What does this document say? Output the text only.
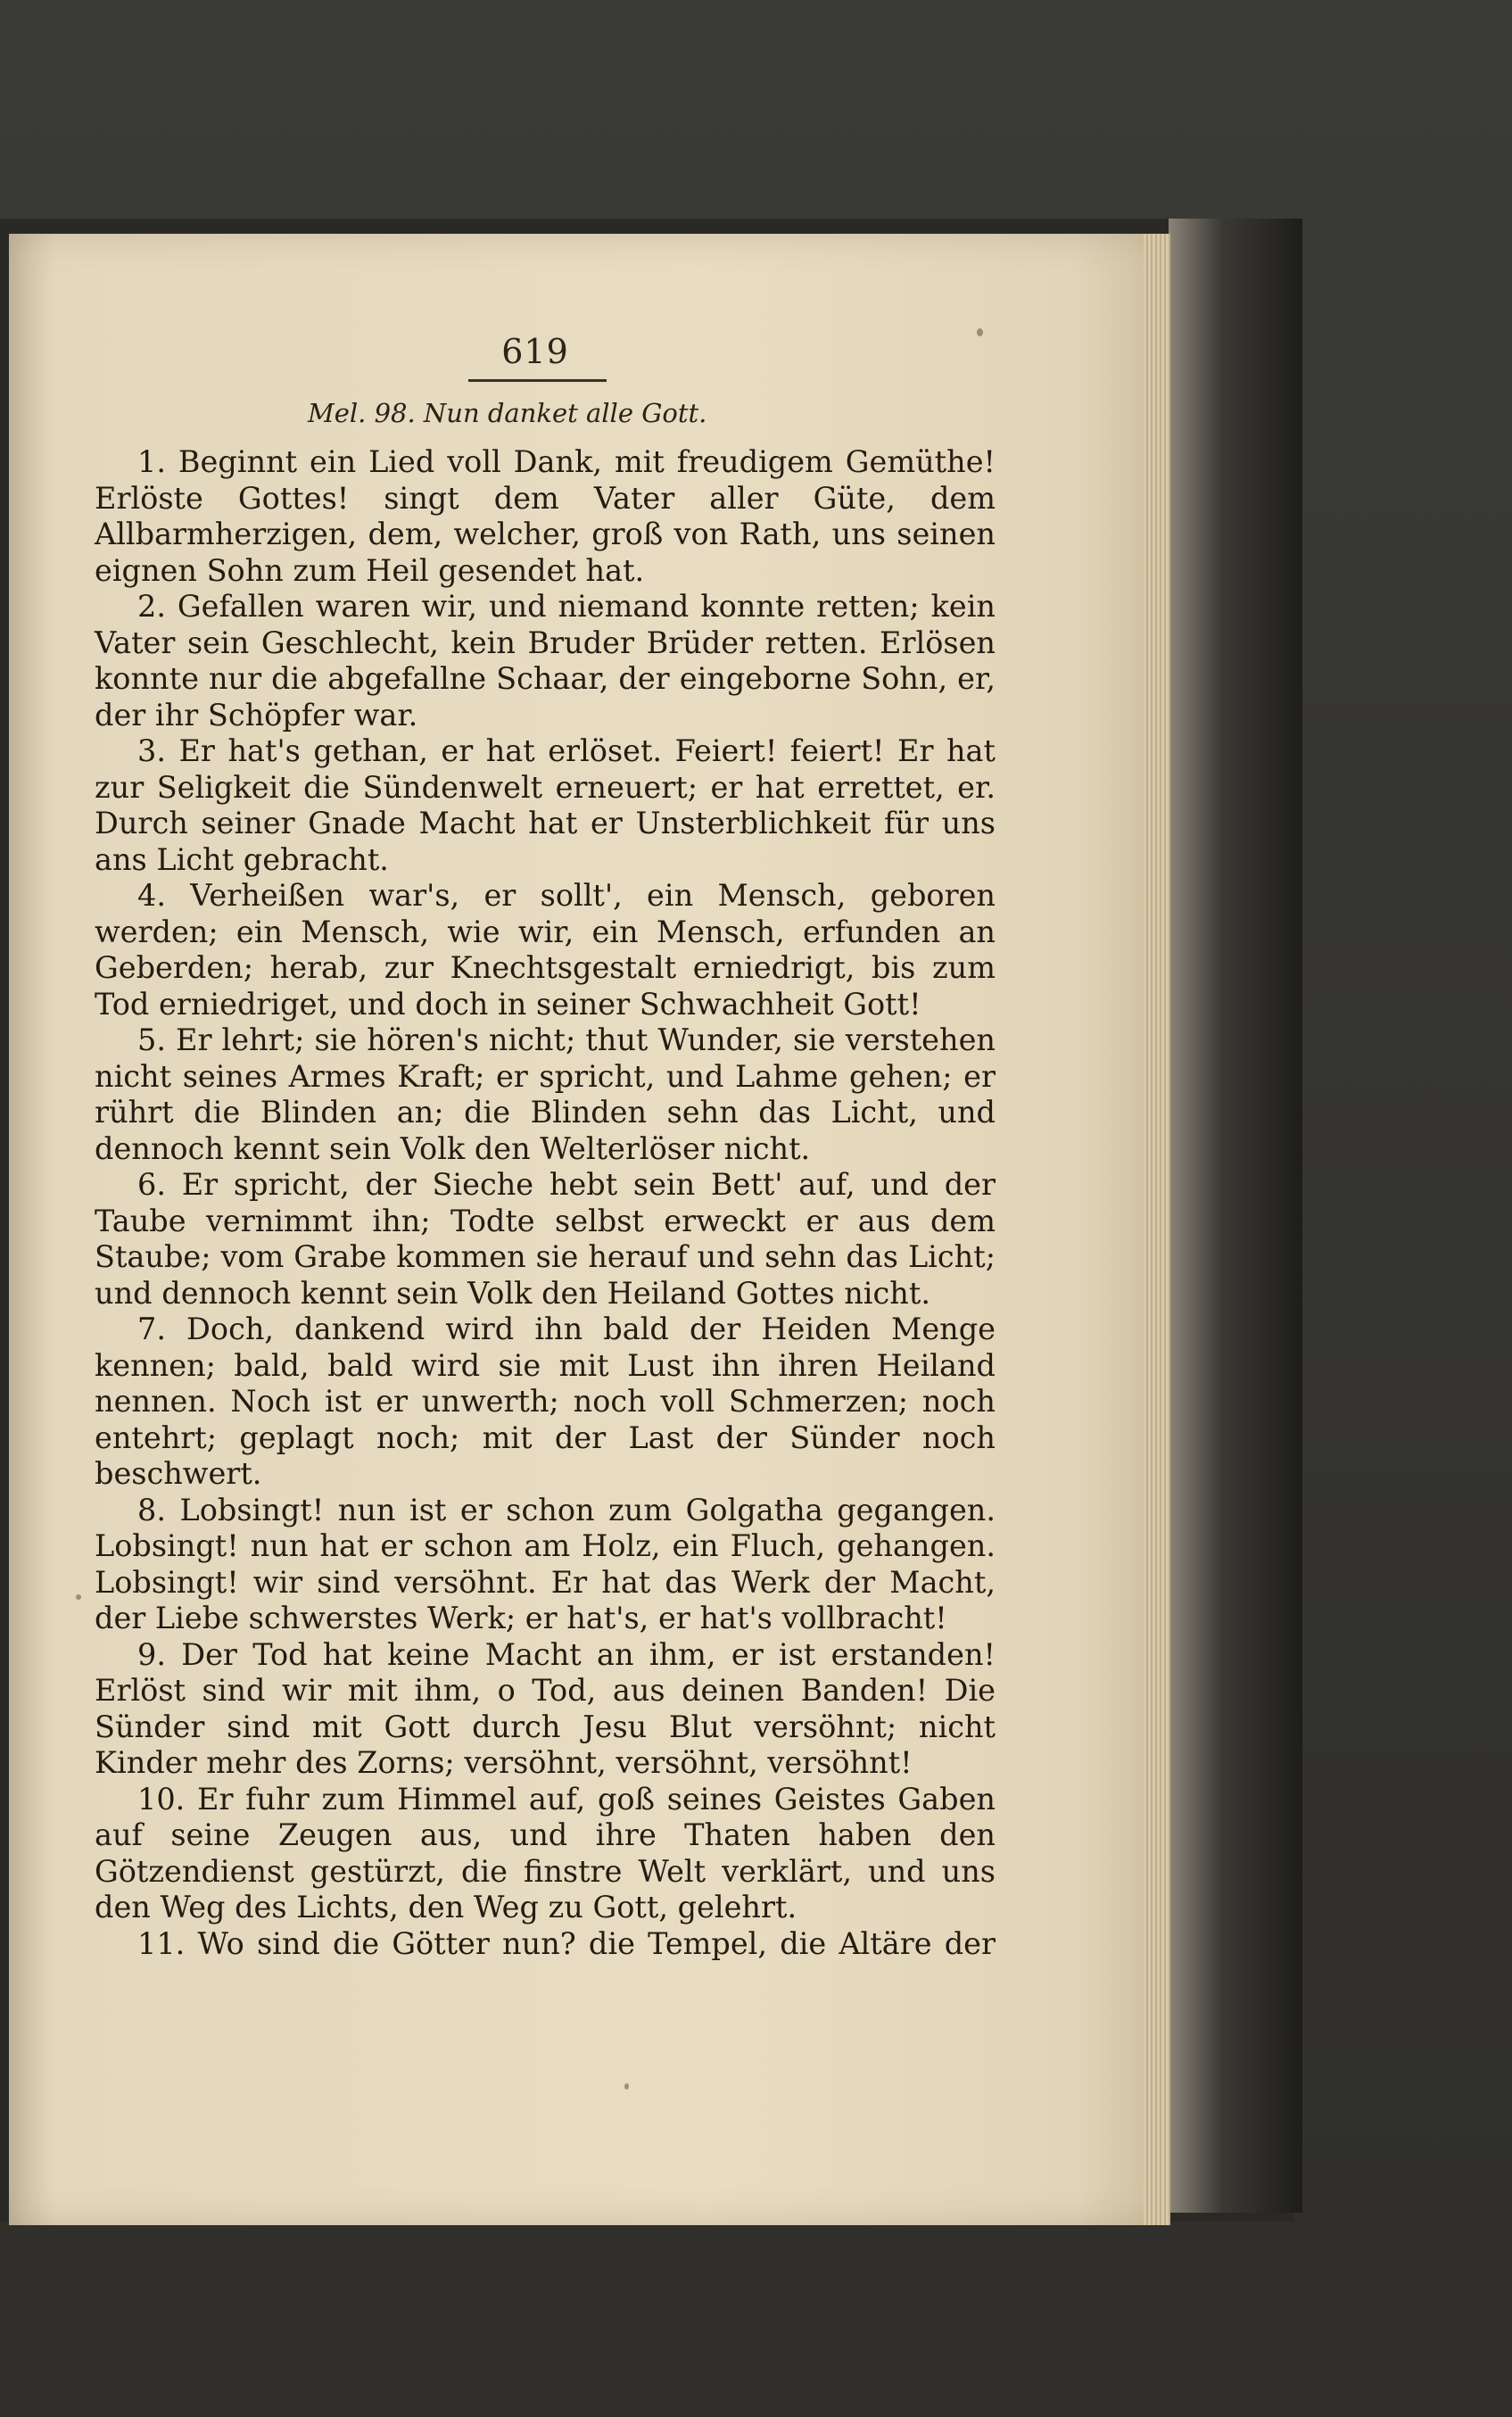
619
Mel. 98. Nun danket alle Gott.

1. Beginnt ein Lied voll Dank, mit freudigem Gemüthe! Erlöste Gottes! singt dem Vater aller Güte, dem Allbarmherzigen, dem, welcher, groß von Rath, uns seinen eignen Sohn zum Heil gesendet hat.

2. Gefallen waren wir, und niemand konnte retten; kein Vater sein Geschlecht, kein Bruder Brüder retten. Erlösen konnte nur die abgefallne Schaar, der eingeborne Sohn, er, der ihr Schöpfer war.

3. Er hat's gethan, er hat erlöset. Feiert! feiert! Er hat zur Seligkeit die Sündenwelt erneuert; er hat errettet, er. Durch seiner Gnade Macht hat er Unsterblichkeit für uns ans Licht gebracht.

4. Verheißen war's, er sollt', ein Mensch, geboren werden; ein Mensch, wie wir, ein Mensch, erfunden an Geberden; herab, zur Knechtsgestalt erniedrigt, bis zum Tod erniedriget, und doch in seiner Schwachheit Gott!

5. Er lehrt; sie hören's nicht; thut Wunder, sie verstehen nicht seines Armes Kraft; er spricht, und Lahme gehen; er rührt die Blinden an; die Blinden sehn das Licht, und dennoch kennt sein Volk den Welterlöser nicht.

6. Er spricht, der Sieche hebt sein Bett' auf, und der Taube vernimmt ihn; Todte selbst erweckt er aus dem Staube; vom Grabe kommen sie herauf und sehn das Licht; und dennoch kennt sein Volk den Heiland Gottes nicht.

7. Doch, dankend wird ihn bald der Heiden Menge kennen; bald, bald wird sie mit Lust ihn ihren Heiland nennen. Noch ist er unwerth; noch voll Schmerzen; noch entehrt; geplagt noch; mit der Last der Sünder noch beschwert.

8. Lobsingt! nun ist er schon zum Golgatha gegangen. Lobsingt! nun hat er schon am Holz, ein Fluch, gehangen. Lobsingt! wir sind versöhnt. Er hat das Werk der Macht, der Liebe schwerstes Werk; er hat's, er hat's vollbracht!

9. Der Tod hat keine Macht an ihm, er ist erstanden! Erlöst sind wir mit ihm, o Tod, aus deinen Banden! Die Sünder sind mit Gott durch Jesu Blut versöhnt; nicht Kinder mehr des Zorns; versöhnt, versöhnt, versöhnt!

10. Er fuhr zum Himmel auf, goß seines Geistes Gaben auf seine Zeugen aus, und ihre Thaten haben den Götzendienst gestürzt, die finstre Welt verklärt, und uns den Weg des Lichts, den Weg zu Gott, gelehrt.

11. Wo sind die Götter nun? die Tempel, die Altäre der
